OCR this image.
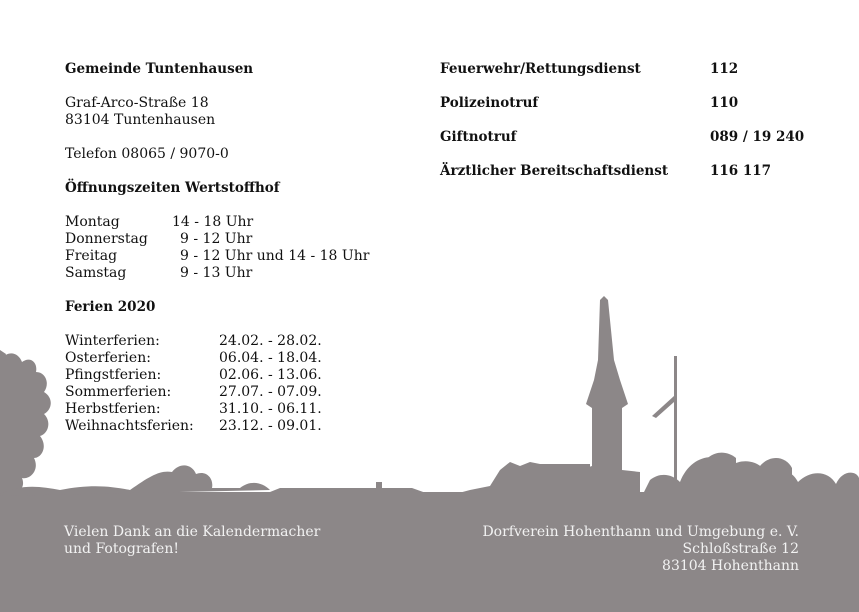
Gemeinde Tuntenhausen
Graf-Arco-Straße 18
83104 Tuntenhausen
Telefon 08065 / 9070-0
Öffnungszeiten Wertstoffhof
Montag	14 - 18 Uhr
Donnerstag 9 - 12 Uhr
Freitag	9 - 12 Uhr und 14 - 18 Uhr
Samstag	9 - 13 Uhr
Ferien 2020
Winterferien:	24.02. - 28.02.
Osterferien:	06.04. - 18.04.
Pfingstferien:	02.06. - 13.06.
Sommerferien:	27.07. - 07.09.
Herbstferien:	31.10. - 06.11.
Weihnachtsferien: 23.12. - 09.01.
Feuerwehr/Rettungsdienst	112
Polizeinotruf	110
Giftnotruf	089 / 19 240
Ärztlicher Bereitschaftsdienst	116 117
Vielen Dank an die Kalendermacher
und Fotografen!
Dorfverein Hohenthann und Umgebung e. V.
Schloßstraße 12
83104 Hohenthann
